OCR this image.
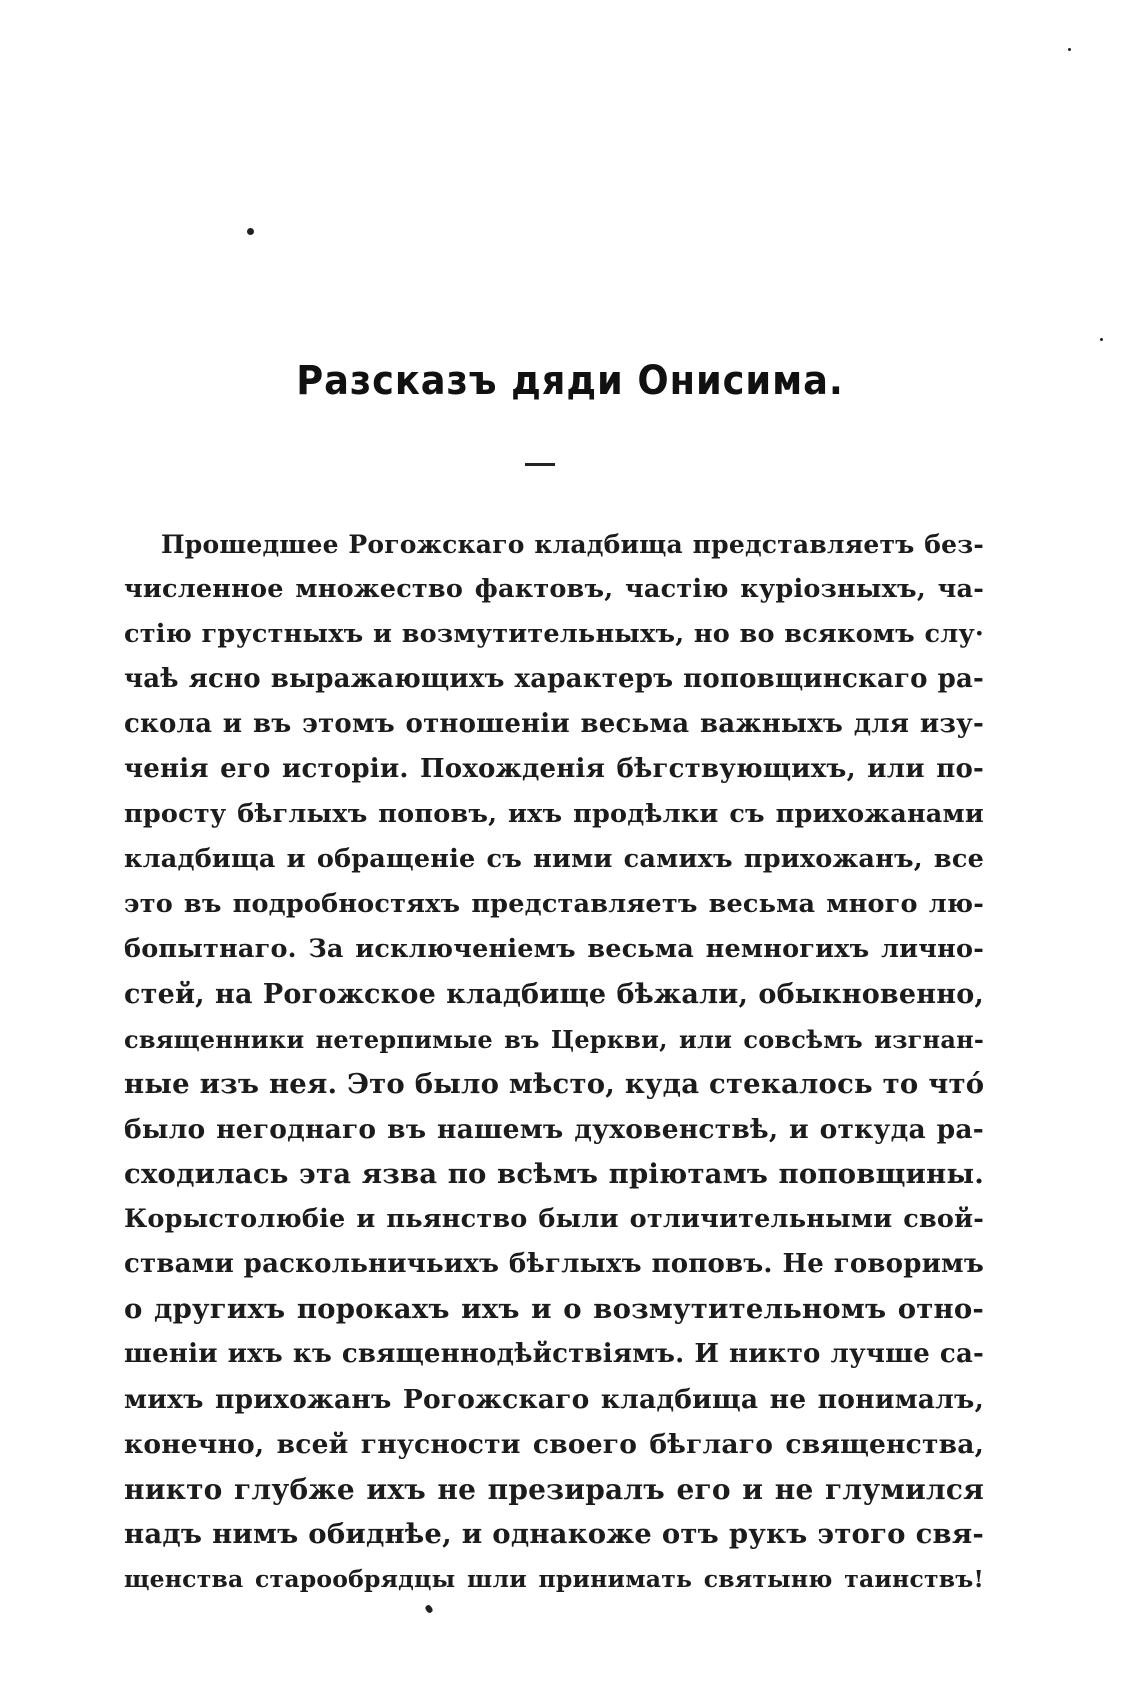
Разсказъ дяди Онисима.
Прошедшее Рогожскаго кладбища представляетъ без-
численное множество фактовъ, частію куріозныхъ, ча-
стію грустныхъ и возмутительныхъ, но во всякомъ слу·
чаѣ ясно выражающихъ характеръ поповщинскаго ра-
скола и въ этомъ отношеніи весьма важныхъ для изу-
ченія его исторіи. Похожденія бѣгствующихъ, или по-
просту бѣглыхъ поповъ, ихъ продѣлки съ прихожанами
кладбища и обращеніе съ ними самихъ прихожанъ, все
это въ подробностяхъ представляетъ весьма много лю-
бопытнаго. За исключеніемъ весьма немногихъ лично-
стей, на Рогожское кладбище бѣжали, обыкновенно,
священники нетерпимые въ Церкви, или совсѣмъ изгнан-
ные изъ нея. Это было мѣсто, куда стекалось то что́
было негоднаго въ нашемъ духовенствѣ, и откуда ра-
сходилась эта язва по всѣмъ пріютамъ поповщины.
Корыстолюбіе и пьянство были отличительными свой-
ствами раскольничьихъ бѣглыхъ поповъ. Не говоримъ
о другихъ порокахъ ихъ и о возмутительномъ отно-
шеніи ихъ къ священнодѣйствіямъ. И никто лучше са-
михъ прихожанъ Рогожскаго кладбища не понималъ,
конечно, всей гнусности своего бѣглаго священства,
никто глубже ихъ не презиралъ его и не глумился
надъ нимъ обиднѣе, и однакоже отъ рукъ этого свя-
щенства старообрядцы шли принимать святыню таинствъ!
